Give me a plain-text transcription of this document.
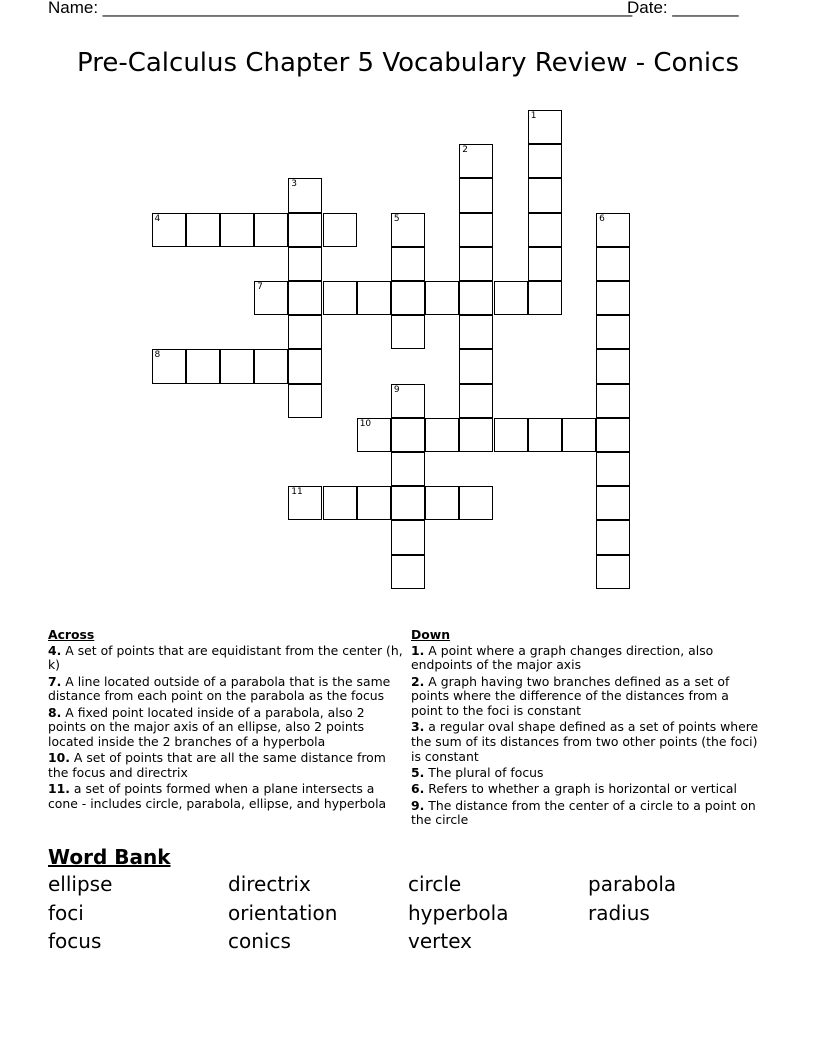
Name: ________________________________________________________
Date: _______
Pre-Calculus Chapter 5 Vocabulary Review - Conics
1
2
3
4	5	6
7
8
9
10
11
Across
4. A set of points that are equidistant from the center (h, k)
7. A line located outside of a parabola that is the same distance from each point on the parabola as the focus
8. A fixed point located inside of a parabola, also 2 points on the major axis of an ellipse, also 2 points located inside the 2 branches of a hyperbola
10. A set of points that are all the same distance from the focus and directrix
11. a set of points formed when a plane intersects a cone - includes circle, parabola, ellipse, and hyperbola
Down
1. A point where a graph changes direction, also endpoints of the major axis
2. A graph having two branches defined as a set of points where the difference of the distances from a point to the foci is constant
3. a regular oval shape defined as a set of points where the sum of its distances from two other points (the foci) is constant
5. The plural of focus
6. Refers to whether a graph is horizontal or vertical
9. The distance from the center of a circle to a point on the circle
Word Bank
ellipse	directrix	circle	parabola
foci	orientation	hyperbola	radius
focus	conics	vertex
